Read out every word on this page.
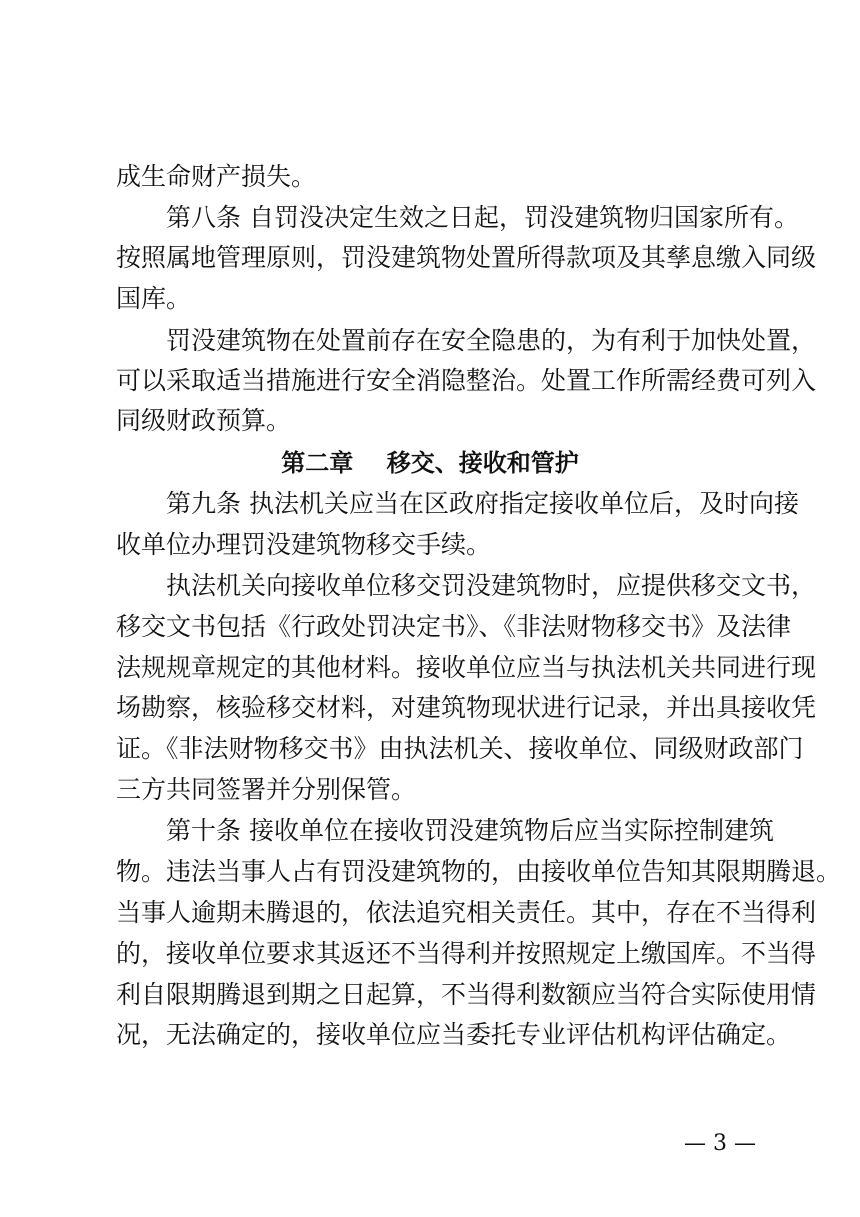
成生命财产损失。
第八条 自罚没决定生效之日起，罚没建筑物归国家所有。
按照属地管理原则，罚没建筑物处置所得款项及其孳息缴入同级
国库。
罚没建筑物在处置前存在安全隐患的，为有利于加快处置，
可以采取适当措施进行安全消隐整治。处置工作所需经费可列入
同级财政预算。
第二章    移交、接收和管护
第九条 执法机关应当在区政府指定接收单位后，及时向接
收单位办理罚没建筑物移交手续。
执法机关向接收单位移交罚没建筑物时，应提供移交文书，
移交文书包括《行政处罚决定书》、《非法财物移交书》及法律
法规规章规定的其他材料。接收单位应当与执法机关共同进行现
场勘察，核验移交材料，对建筑物现状进行记录，并出具接收凭
证。《非法财物移交书》由执法机关、接收单位、同级财政部门
三方共同签署并分别保管。
第十条 接收单位在接收罚没建筑物后应当实际控制建筑
物。违法当事人占有罚没建筑物的，由接收单位告知其限期腾退。
当事人逾期未腾退的，依法追究相关责任。其中，存在不当得利
的，接收单位要求其返还不当得利并按照规定上缴国库。不当得
利自限期腾退到期之日起算，不当得利数额应当符合实际使用情
况，无法确定的，接收单位应当委托专业评估机构评估确定。
— 3 —
